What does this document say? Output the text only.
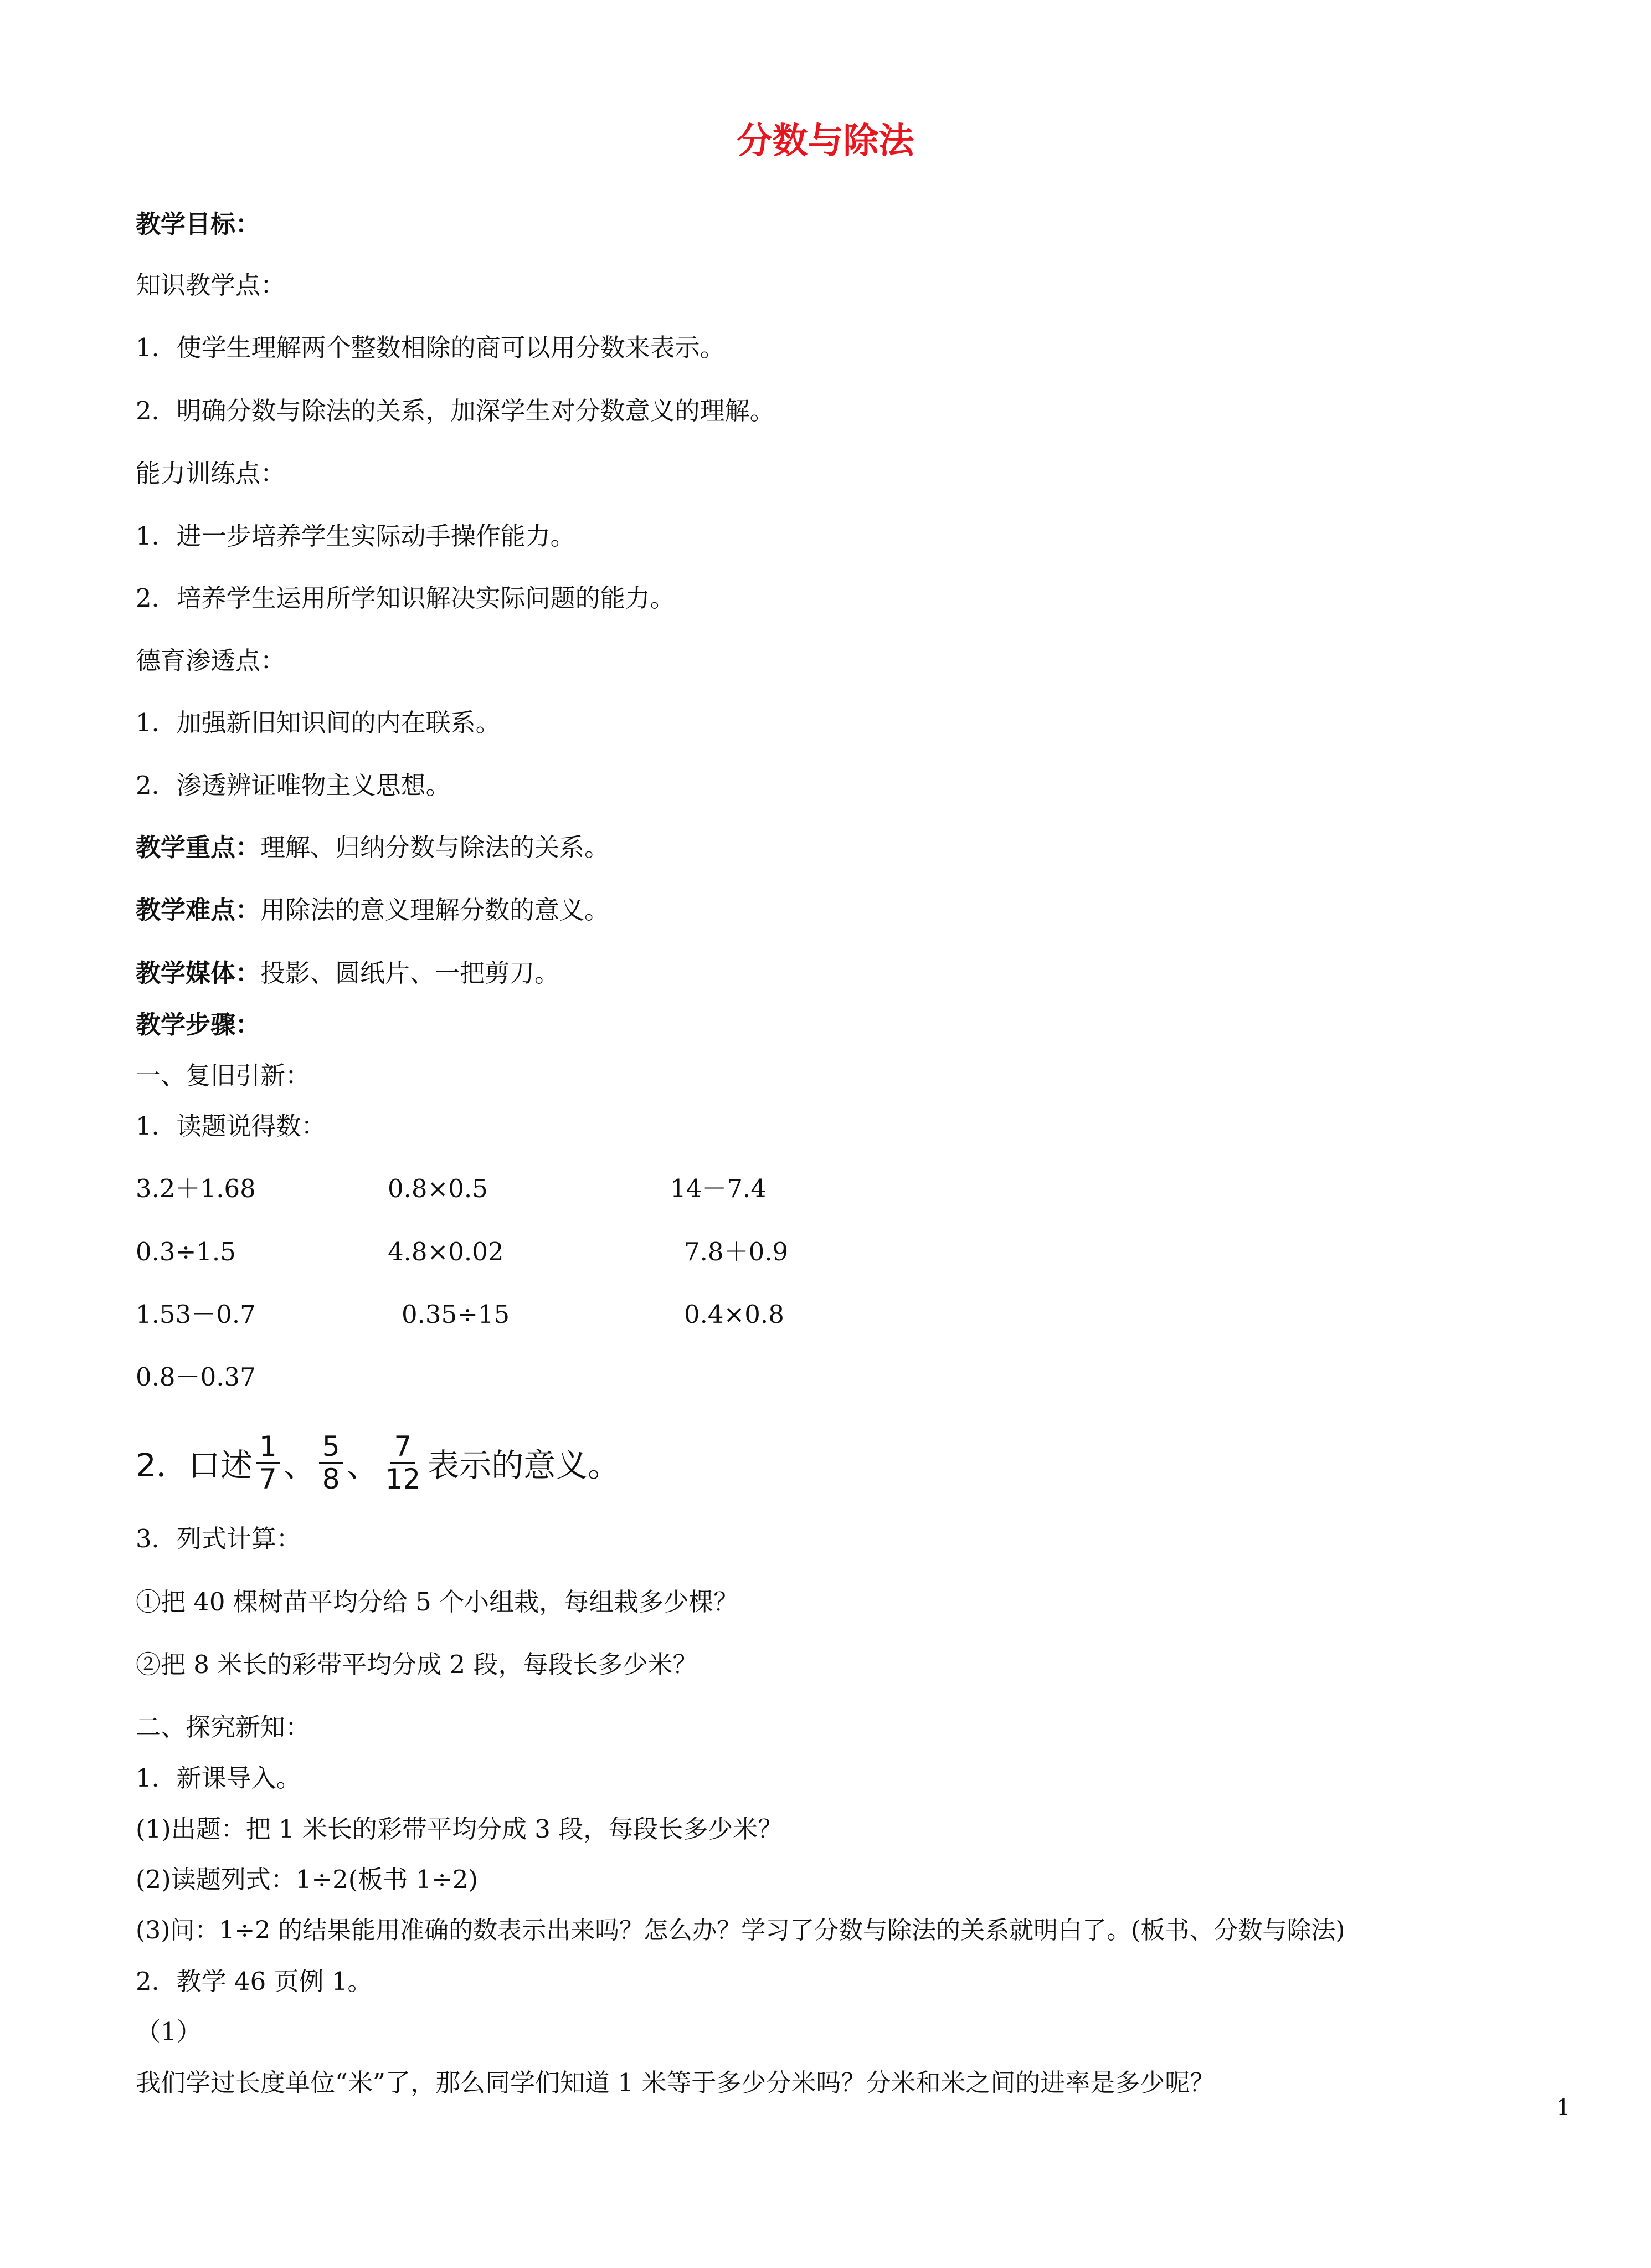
分数与除法
教学目标：
知识教学点：
1．使学生理解两个整数相除的商可以用分数来表示。
2．明确分数与除法的关系，加深学生对分数意义的理解。
能力训练点：
1．进一步培养学生实际动手操作能力。
2．培养学生运用所学知识解决实际问题的能力。
德育渗透点：
1．加强新旧知识间的内在联系。
2．渗透辨证唯物主义思想。
教学重点：理解、归纳分数与除法的关系。
教学难点：用除法的意义理解分数的意义。
教学媒体：投影、圆纸片、一把剪刀。
教学步骤：
一、复旧引新：
1．读题说得数：
3.2＋1.68	0.8×0.5	14－7.4
0.3÷1.5	4.8×0.02	7.8＋0.9
1.53－0.7	0.35÷15	0.4×0.8
0.8－0.37
2．口述 $\frac{1}{7}$ 、 $\frac{5}{8}$ 、 $\frac{7}{12}$ 表示的意义。
3．列式计算：
①把 40 棵树苗平均分给 5 个小组栽，每组栽多少棵？
②把 8 米长的彩带平均分成 2 段，每段长多少米？
二、探究新知：
1．新课导入。
(1)出题：把 1 米长的彩带平均分成 3 段，每段长多少米？
(2)读题列式：1÷2(板书 1÷2)
(3)问：1÷2 的结果能用准确的数表示出来吗？怎么办？学习了分数与除法的关系就明白了。(板书、分数与除法)
2．教学 46 页例 1。
（1）
我们学过长度单位“米”了，那么同学们知道 1 米等于多少分米吗？分米和米之间的进率是多少呢？
1
